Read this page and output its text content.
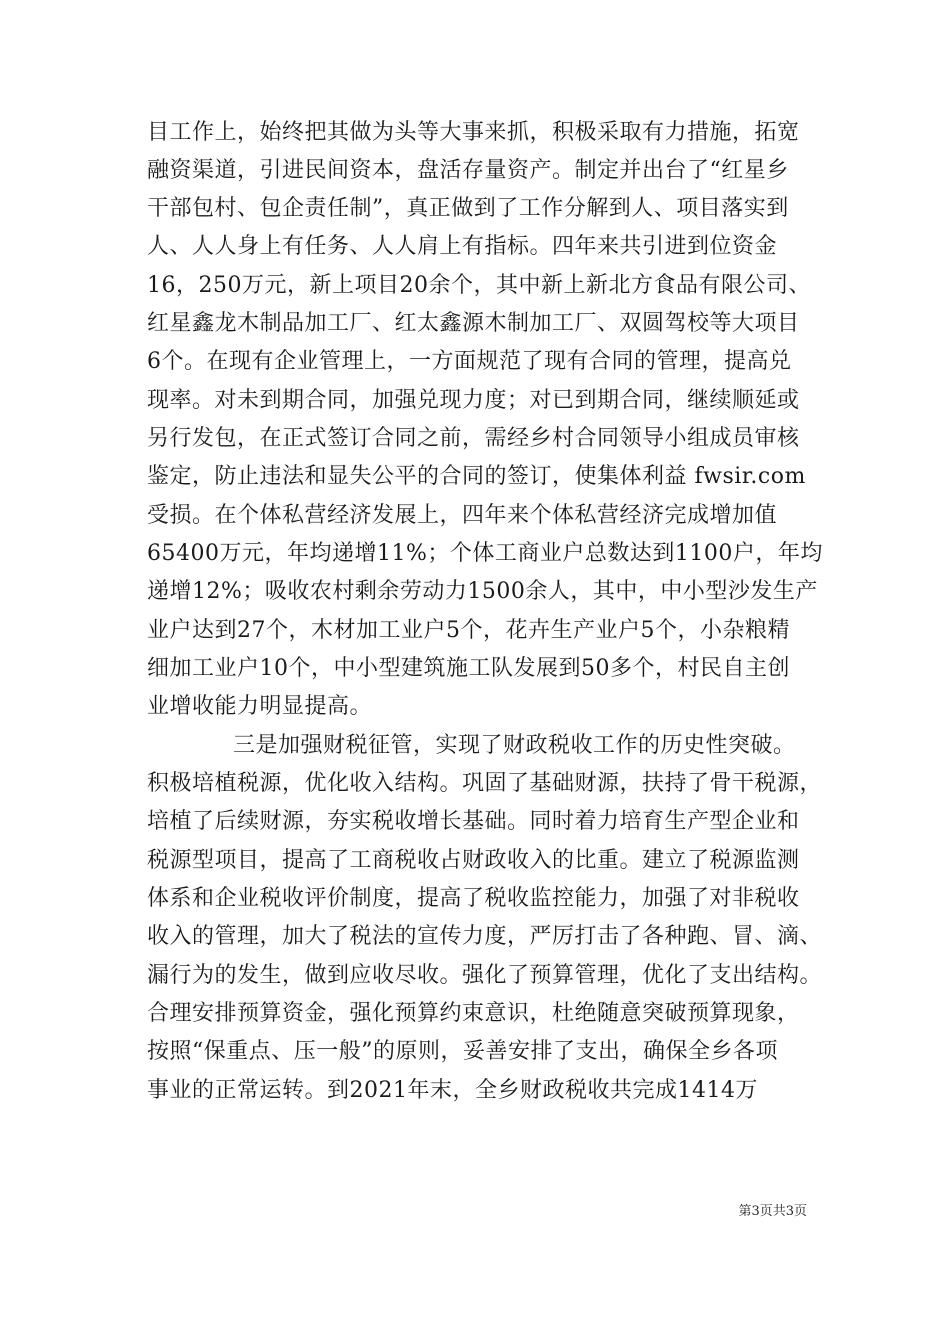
目工作上，始终把其做为头等大事来抓，积极采取有力措施，拓宽
融资渠道，引进民间资本，盘活存量资产。制定并出台了“红星乡
干部包村、包企责任制”，真正做到了工作分解到人、项目落实到
人、人人身上有任务、人人肩上有指标。四年来共引进到位资金
16，250万元，新上项目20余个，其中新上新北方食品有限公司、
红星鑫龙木制品加工厂、红太鑫源木制加工厂、双圆驾校等大项目
6个。在现有企业管理上，一方面规范了现有合同的管理，提高兑
现率。对未到期合同，加强兑现力度；对已到期合同，继续顺延或
另行发包，在正式签订合同之前，需经乡村合同领导小组成员审核
鉴定，防止违法和显失公平的合同的签订，使集体利益 fwsir.com
受损。在个体私营经济发展上，四年来个体私营经济完成增加值
65400万元，年均递增11%；个体工商业户总数达到1100户，年均
递增12%；吸收农村剩余劳动力1500余人，其中，中小型沙发生产
业户达到27个，木材加工业户5个，花卉生产业户5个，小杂粮精
细加工业户10个，中小型建筑施工队发展到50多个，村民自主创
业增收能力明显提高。
三是加强财税征管，实现了财政税收工作的历史性突破。
积极培植税源，优化收入结构。巩固了基础财源，扶持了骨干税源，
培植了后续财源，夯实税收增长基础。同时着力培育生产型企业和
税源型项目，提高了工商税收占财政收入的比重。建立了税源监测
体系和企业税收评价制度，提高了税收监控能力，加强了对非税收
收入的管理，加大了税法的宣传力度，严厉打击了各种跑、冒、滴、
漏行为的发生，做到应收尽收。强化了预算管理，优化了支出结构。
合理安排预算资金，强化预算约束意识，杜绝随意突破预算现象，
按照“保重点、压一般”的原则，妥善安排了支出，确保全乡各项
事业的正常运转。到2021年末，全乡财政税收共完成1414万
第3页共3页
